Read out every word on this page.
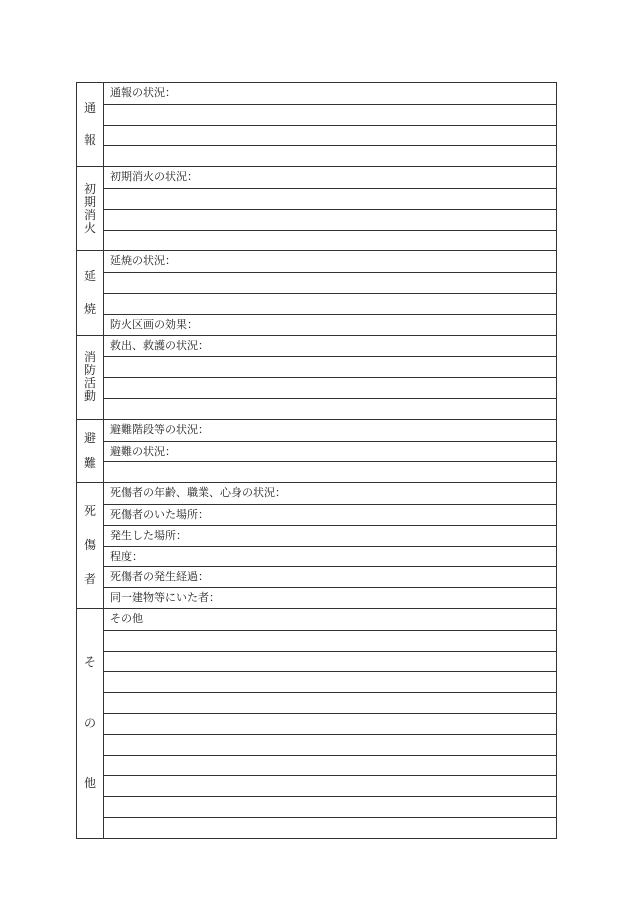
通
報
通報の状況：
初
期
消
火
初期消火の状況：
延
焼
延焼の状況：
防火区画の効果：
消
防
活
動
救出、救護の状況：
避
難
避難階段等の状況：
避難の状況：
死
傷
者
死傷者の年齢、職業、心身の状況：
死傷者のいた場所：
発生した場所：
程度：
死傷者の発生経過：
同一建物等にいた者：
そ
の
他
その他
